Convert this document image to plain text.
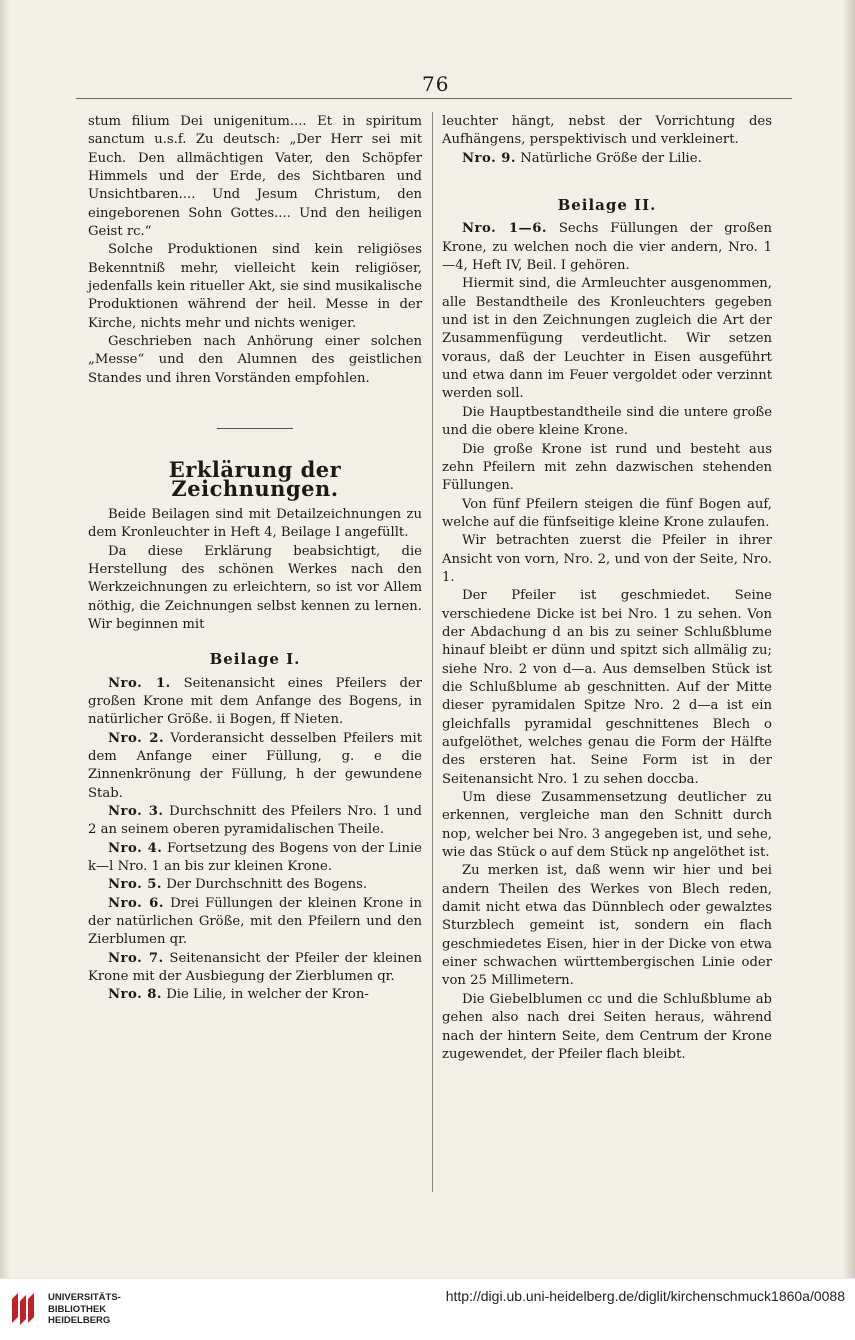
76

stum filium Dei unigenitum.... Et in spiritum sanctum u.s.f. Zu deutsch: „Der Herr sei mit Euch. Den allmächtigen Vater, den Schöpfer Himmels und der Erde, des Sichtbaren und Unsichtbaren.... Und Jesum Christum, den eingeborenen Sohn Gottes.... Und den heiligen Geist rc.“

Solche Produktionen sind kein religiöses Bekenntniß mehr, vielleicht kein religiöser, jedenfalls kein ritueller Akt, sie sind musikalische Produktionen während der heil. Messe in der Kirche, nichts mehr und nichts weniger.

Geschrieben nach Anhörung einer solchen „Messe“ und den Alumnen des geistlichen Standes und ihren Vorständen empfohlen.

Erklärung der Zeichnungen.

Beide Beilagen sind mit Detailzeichnungen zu dem Kronleuchter in Heft 4, Beilage I angefüllt.

Da diese Erklärung beabsichtigt, die Herstellung des schönen Werkes nach den Werkzeichnungen zu erleichtern, so ist vor Allem nöthig, die Zeichnungen selbst kennen zu lernen. Wir beginnen mit

Beilage I.

Nro. 1. Seitenansicht eines Pfeilers der großen Krone mit dem Anfange des Bogens, in natürlicher Größe. ii Bogen, ff Nieten.

Nro. 2. Vorderansicht desselben Pfeilers mit dem Anfange einer Füllung, g. e die Zinnenkrönung der Füllung, h der gewundene Stab.

Nro. 3. Durchschnitt des Pfeilers Nro. 1 und 2 an seinem oberen pyramidalischen Theile.

Nro. 4. Fortsetzung des Bogens von der Linie k—l Nro. 1 an bis zur kleinen Krone.

Nro. 5. Der Durchschnitt des Bogens.

Nro. 6. Drei Füllungen der kleinen Krone in der natürlichen Größe, mit den Pfeilern und den Zierblumen qr.

Nro. 7. Seitenansicht der Pfeiler der kleinen Krone mit der Ausbiegung der Zierblumen qr.

Nro. 8. Die Lilie, in welcher der Kron-

leuchter hängt, nebst der Vorrichtung des Aufhängens, perspektivisch und verkleinert.

Nro. 9. Natürliche Größe der Lilie.

Beilage II.

Nro. 1—6. Sechs Füllungen der großen Krone, zu welchen noch die vier andern, Nro. 1—4, Heft IV, Beil. I gehören.

Hiermit sind, die Armleuchter ausgenommen, alle Bestandtheile des Kronleuchters gegeben und ist in den Zeichnungen zugleich die Art der Zusammenfügung verdeutlicht. Wir setzen voraus, daß der Leuchter in Eisen ausgeführt und etwa dann im Feuer vergoldet oder verzinnt werden soll.

Die Hauptbestandtheile sind die untere große und die obere kleine Krone.

Die große Krone ist rund und besteht aus zehn Pfeilern mit zehn dazwischen stehenden Füllungen.

Von fünf Pfeilern steigen die fünf Bogen auf, welche auf die fünfseitige kleine Krone zulaufen.

Wir betrachten zuerst die Pfeiler in ihrer Ansicht von vorn, Nro. 2, und von der Seite, Nro. 1.

Der Pfeiler ist geschmiedet. Seine verschiedene Dicke ist bei Nro. 1 zu sehen. Von der Abdachung d an bis zu seiner Schlußblume hinauf bleibt er dünn und spitzt sich allmälig zu; siehe Nro. 2 von d—a. Aus demselben Stück ist die Schlußblume ab geschnitten. Auf der Mitte dieser pyramidalen Spitze Nro. 2 d—a ist ein gleichfalls pyramidal geschnittenes Blech o aufgelöthet, welches genau die Form der Hälfte des ersteren hat. Seine Form ist in der Seitenansicht Nro. 1 zu sehen doccba.

Um diese Zusammensetzung deutlicher zu erkennen, vergleiche man den Schnitt durch nop, welcher bei Nro. 3 angegeben ist, und sehe, wie das Stück o auf dem Stück np angelöthet ist.

Zu merken ist, daß wenn wir hier und bei andern Theilen des Werkes von Blech reden, damit nicht etwa das Dünnblech oder gewalztes Sturzblech gemeint ist, sondern ein flach geschmiedetes Eisen, hier in der Dicke von etwa einer schwachen württembergischen Linie oder von 25 Millimetern.

Die Giebelblumen cc und die Schlußblume ab gehen also nach drei Seiten heraus, während nach der hintern Seite, dem Centrum der Krone zugewendet, der Pfeiler flach bleibt.

UNIVERSITÄTS-
BIBLIOTHEK
HEIDELBERG
http://digi.ub.uni-heidelberg.de/diglit/kirchenschmuck1860a/0088
